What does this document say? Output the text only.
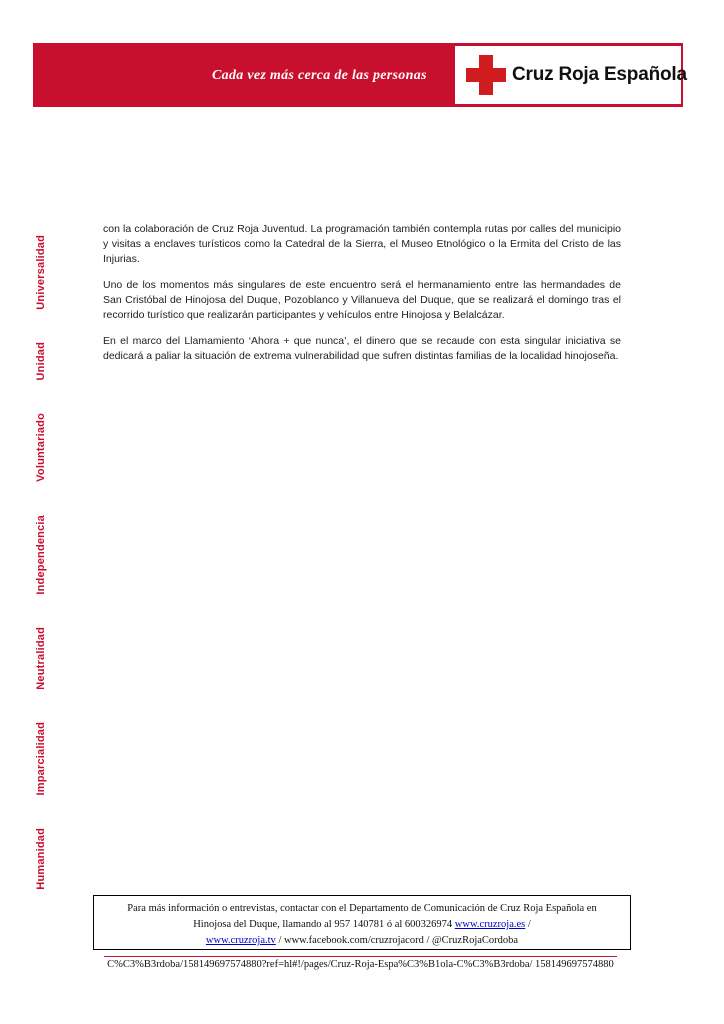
Cada vez más cerca de las personas	Cruz Roja Española
Universalidad
Unidad
Voluntariado
Independencia
Neutralidad
Imparcialidad
Humanidad

con la colaboración de Cruz Roja Juventud. La programación también contempla rutas por calles del municipio y visitas a enclaves turísticos como la Catedral de la Sierra, el Museo Etnológico o la Ermita del Cristo de las Injurias.

Uno de los momentos más singulares de este encuentro será el hermanamiento entre las hermandades de San Cristóbal de Hinojosa del Duque, Pozoblanco y Villanueva del Duque, que se realizará el domingo tras el recorrido turístico que realizarán participantes y vehículos entre Hinojosa y Belalcázar.

En el marco del Llamamiento ‘Ahora + que nunca’, el dinero que se recaude con esta singular iniciativa se dedicará a paliar la situación de extrema vulnerabilidad que sufren distintas familias de la localidad hinojoseña.

Para más información o entrevistas, contactar con el Departamento de Comunicación de Cruz Roja Española en Hinojosa del Duque, llamando al 957 140781 ó al 600326974 www.cruzroja.es /
www.cruzroja.tv / www.facebook.com/cruzrojacord / @CruzRojaCordoba
C%C3%B3rdoba/1581496975748​80?ref=hl#!/pages/Cruz-Roja-Espa%C3%B1ola-C%C3%B3rdoba/ 158149697574880
